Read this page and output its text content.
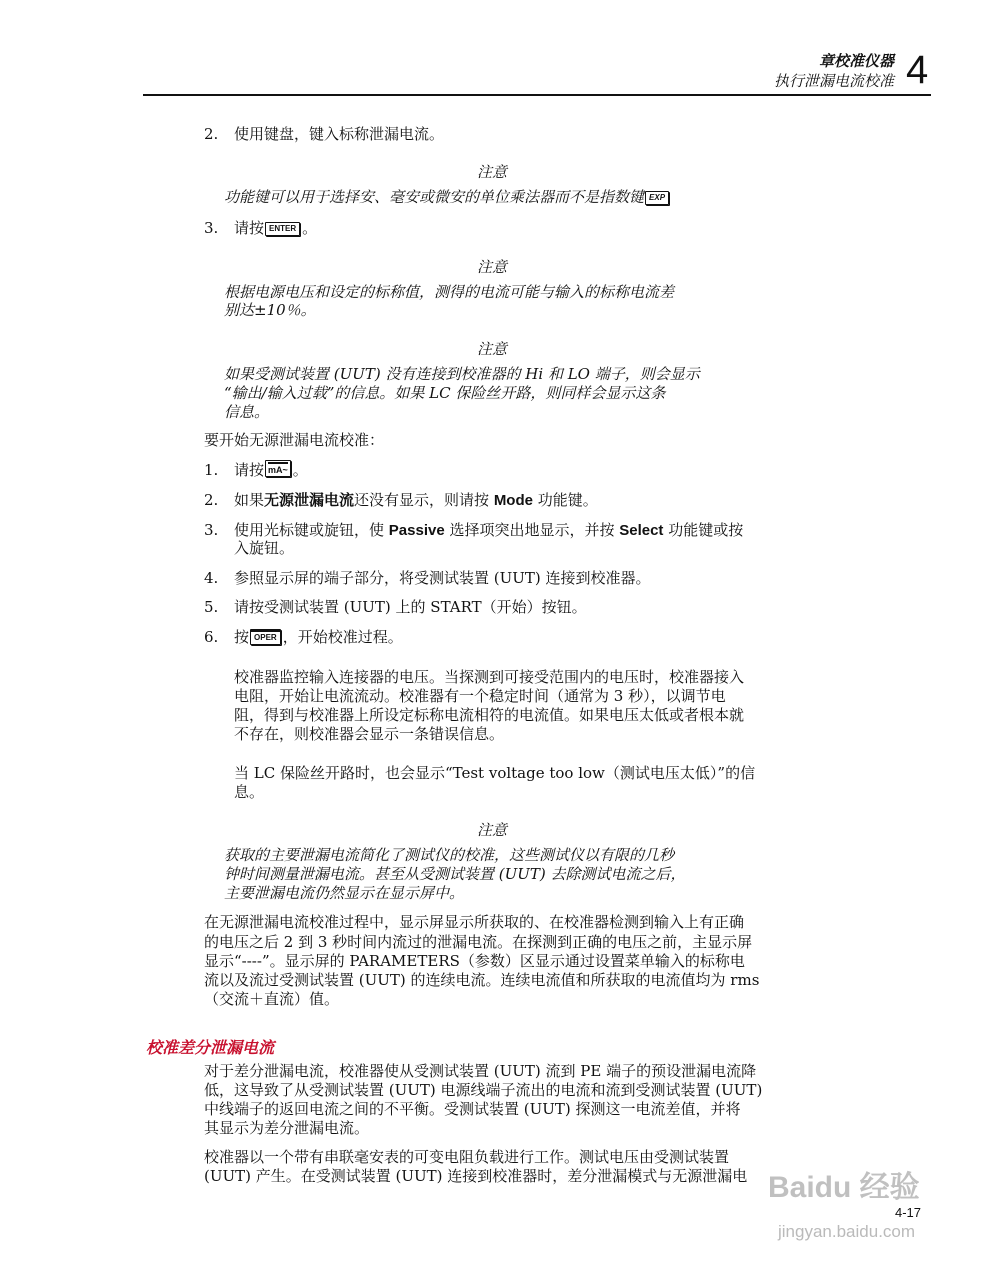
章校准仪器
执行泄漏电流校准 4
2. 使用键盘，键入标称泄漏电流。
注意
功能键可以用于选择安、毫安或微安的单位乘法器而不是指数键 EXP
3. 请按 ENTER 。
注意
根据电源电压和设定的标称值，测得的电流可能与输入的标称电流差
别达±10％。
注意
如果受测试装置 (UUT) 没有连接到校准器的 Hi 和 LO 端子，则会显示
“输出/输入过载”的信息。如果 LC 保险丝开路，则同样会显示这条
信息。
要开始无源泄漏电流校准：
1. 请按 mA~ 。
2. 如果无源泄漏电流还没有显示，则请按 Mode 功能键。
3. 使用光标键或旋钮，使 Passive 选择项突出地显示，并按 Select 功能键或按
入旋钮。
4. 参照显示屏的端子部分，将受测试装置 (UUT) 连接到校准器。
5. 请按受测试装置 (UUT) 上的 START（开始）按钮。
6. 按 OPER ，开始校准过程。
校准器监控输入连接器的电压。当探测到可接受范围内的电压时，校准器接入
电阻，开始让电流流动。校准器有一个稳定时间（通常为 3 秒），以调节电
阻，得到与校准器上所设定标称电流相符的电流值。如果电压太低或者根本就
不存在，则校准器会显示一条错误信息。
当 LC 保险丝开路时，也会显示“Test voltage too low（测试电压太低）”的信
息。
注意
获取的主要泄漏电流简化了测试仪的校准，这些测试仪以有限的几秒
钟时间测量泄漏电流。甚至从受测试装置 (UUT) 去除测试电流之后，
主要泄漏电流仍然显示在显示屏中。
在无源泄漏电流校准过程中，显示屏显示所获取的、在校准器检测到输入上有正确
的电压之后 2 到 3 秒时间内流过的泄漏电流。在探测到正确的电压之前，主显示屏
显示“----”。显示屏的 PARAMETERS（参数）区显示通过设置菜单输入的标称电
流以及流过受测试装置 (UUT) 的连续电流。连续电流值和所获取的电流值均为 rms
（交流＋直流）值。
校准差分泄漏电流
对于差分泄漏电流，校准器使从受测试装置 (UUT) 流到 PE 端子的预设泄漏电流降
低，这导致了从受测试装置 (UUT) 电源线端子流出的电流和流到受测试装置 (UUT)
中线端子的返回电流之间的不平衡。受测试装置 (UUT) 探测这一电流差值，并将
其显示为差分泄漏电流。
校准器以一个带有串联毫安表的可变电阻负载进行工作。测试电压由受测试装置
(UUT) 产生。在受测试装置 (UUT) 连接到校准器时，差分泄漏模式与无源泄漏电 Baidu 经验
jingyan.baidu.com
4-17
